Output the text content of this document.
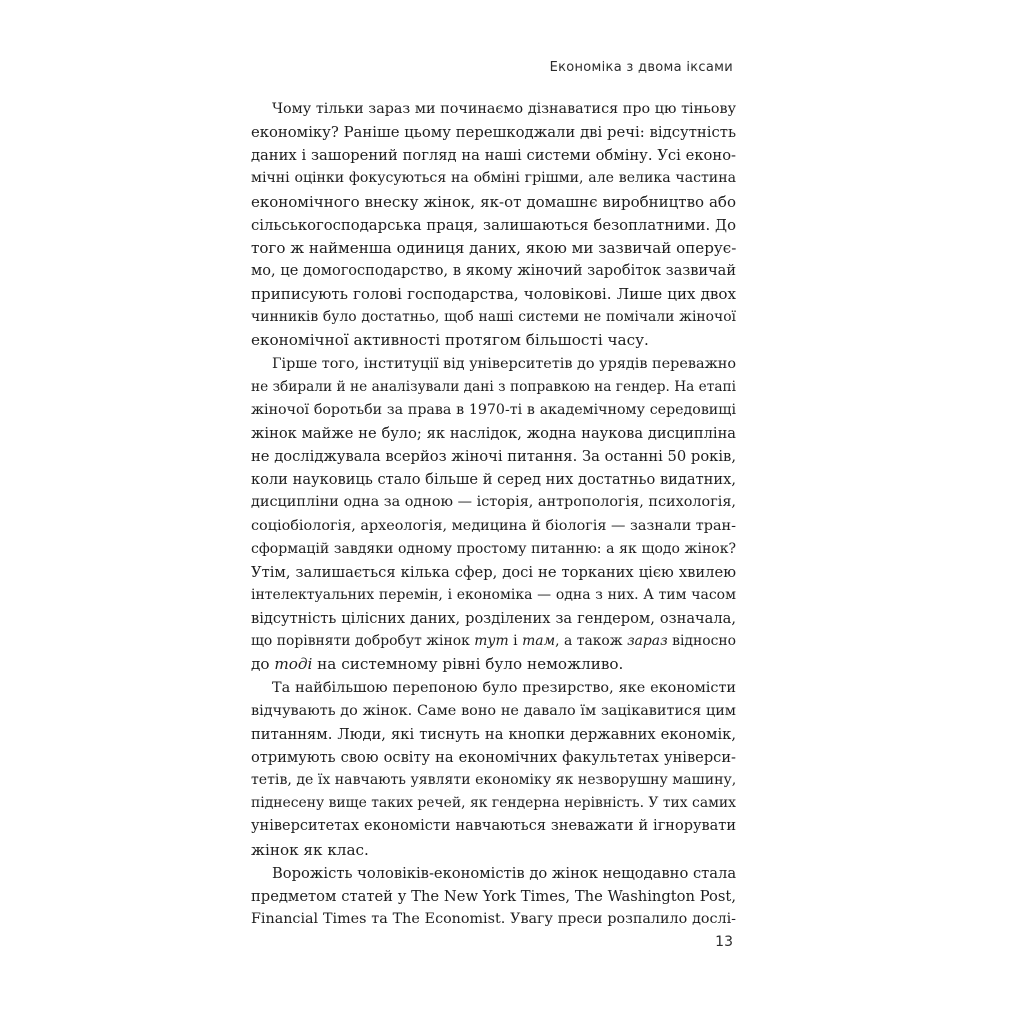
Економіка з двома іксами
Чому тільки зараз ми починаємо дізнаватися про цю тіньову
економіку? Раніше цьому перешкоджали дві речі: відсутність
даних і зашорений погляд на наші системи обміну. Усі еконо-
мічні оцінки фокусуються на обміні грішми, але велика частина
економічного внеску жінок, як-от домашнє виробництво або
сільськогосподарська праця, залишаються безоплатними. До
того ж найменша одиниця даних, якою ми зазвичай оперує-
мо, це домогосподарство, в якому жіночий заробіток зазвичай
приписують голові господарства, чоловікові. Лише цих двох
чинників було достатньо, щоб наші системи не помічали жіночої
економічної активності протягом більшості часу.
Гірше того, інституції від університетів до урядів переважно
не збирали й не аналізували дані з поправкою на гендер. На етапі
жіночої боротьби за права в 1970-ті в академічному середовищі
жінок майже не було; як наслідок, жодна наукова дисципліна
не досліджувала всерйоз жіночі питання. За останні 50 років,
коли науковиць стало більше й серед них достатньо видатних,
дисципліни одна за одною — історія, антропологія, психологія,
соціобіологія, археологія, медицина й біологія — зазнали тран-
сформацій завдяки одному простому питанню: а як щодо жінок?
Утім, залишається кілька сфер, досі не торканих цією хвилею
інтелектуальних перемін, і економіка — одна з них. А тим часом
відсутність цілісних даних, розділених за гендером, означала,
що порівняти добробут жінок тут і там, а також зараз відносно
до тоді на системному рівні було неможливо.
Та найбільшою перепоною було презирство, яке економісти
відчувають до жінок. Саме воно не давало їм зацікавитися цим
питанням. Люди, які тиснуть на кнопки державних економік,
отримують свою освіту на економічних факультетах універси-
тетів, де їх навчають уявляти економіку як незворушну машину,
піднесену вище таких речей, як гендерна нерівність. У тих самих
університетах економісти навчаються зневажати й ігнорувати
жінок як клас.
Ворожість чоловіків-економістів до жінок нещодавно стала
предметом статей у The New York Times, The Washington Post,
Financial Times та The Economist. Увагу преси розпалило дослі-
13
